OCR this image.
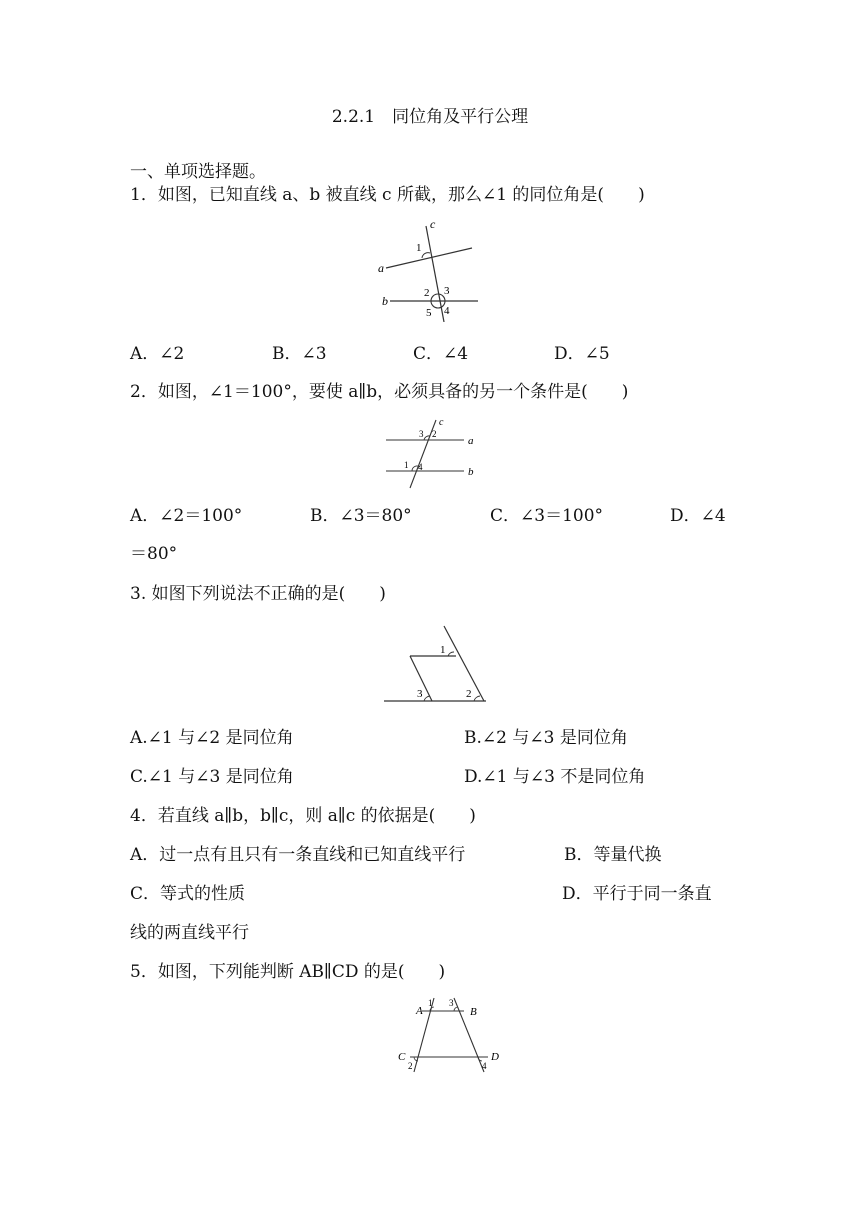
2.2.1　同位角及平行公理
一、单项选择题。
1．如图，已知直线 a、b 被直线 c 所截，那么∠1 的同位角是(　　)
c
a
b
1
2 3
5 4
A．∠2	B．∠3	C．∠4	D．∠5
2．如图，∠1＝100°，要使 a∥b，必须具备的另一个条件是(　　)
c
a
b
3 2
1 4
A．∠2＝100°	B．∠3＝80°	C．∠3＝100°	D．∠4
＝80°
3. 如图下列说法不正确的是(　　)
1
2
3
A.∠1 与∠2 是同位角	B.∠2 与∠3 是同位角
C.∠1 与∠3 是同位角	D.∠1 与∠3 不是同位角
4．若直线 a∥b，b∥c，则 a∥c 的依据是(　　)
A．过一点有且只有一条直线和已知直线平行	B．等量代换
C．等式的性质	D．平行于同一条直
线的两直线平行
5．如图，下列能判断 AB∥CD 的是(　　)
A	B
C	D
1 3
2	4
